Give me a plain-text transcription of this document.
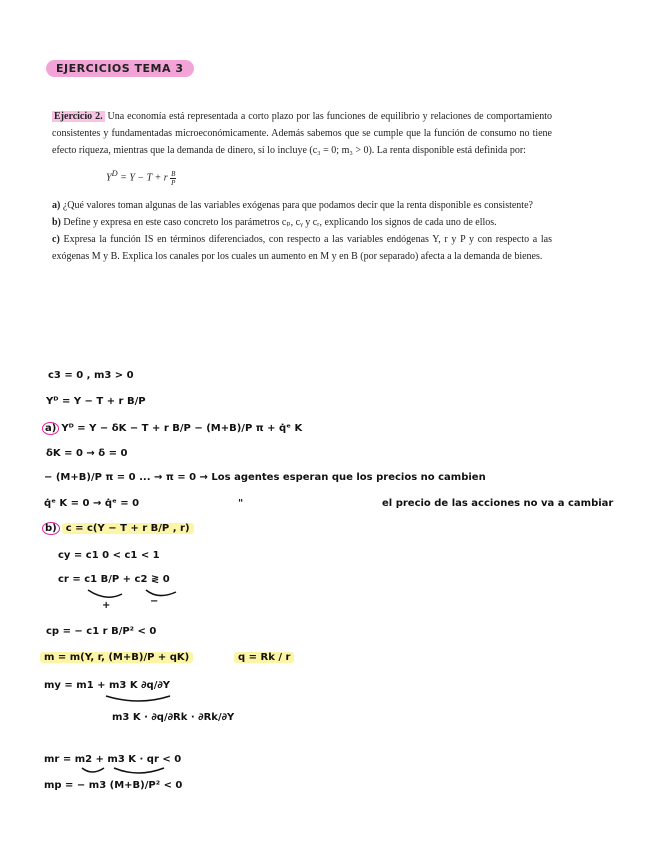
EJERCICIOS TEMA 3

Ejercicio 2. Una economía está representada a corto plazo por las funciones de equilibrio y relaciones de comportamiento consistentes y fundamentadas microeconómicamente. Además sabemos que se cumple que la función de consumo no tiene efecto riqueza, mientras que la demanda de dinero, sí lo incluye (c₃ = 0; m₃ > 0). La renta disponible está definida por:

$Y^D = Y - T + r \frac{B}{P}$

a) ¿Qué valores toman algunas de las variables exógenas para que podamos decir que la renta disponible es consistente?

b) Define y expresa en este caso concreto los parámetros cₚ, cᵧ y cᵣ, explicando los signos de cada uno de ellos.

c) Expresa la función IS en términos diferenciados, con respecto a las variables endógenas Y, r y P y con respecto a las exógenas M y B. Explica los canales por los cuales un aumento en M y en B (por separado) afecta a la demanda de bienes.

c3 = 0 , m3 > 0
Yᴰ = Y − T + r B/P
a) Yᴰ = Y − δK − T + r B/P − (M+B)/P π + q̇ᵉ K
δK = 0 → δ = 0
− (M+B)/P π = 0 ... → π = 0 → Los agentes esperan que los precios no cambien
q̇ᵉ K = 0 → q̇ᵉ = 0	"	el precio de las acciones no va a cambiar
b) c = c(Y − T + r B/P , r)
cy = c1 0 < c1 < 1
cr = c1 B/P + c2 ≷ 0
+	−
cp = − c1 r B/P² < 0
m = m(Y, r, (M+B)/P + qK)	q = Rk / r
my = m1 + m3 K ∂q/∂Y
m3 K · ∂q/∂Rk · ∂Rk/∂Y
mr = m2 + m3 K · qr < 0
mp = − m3 (M+B)/P² < 0
